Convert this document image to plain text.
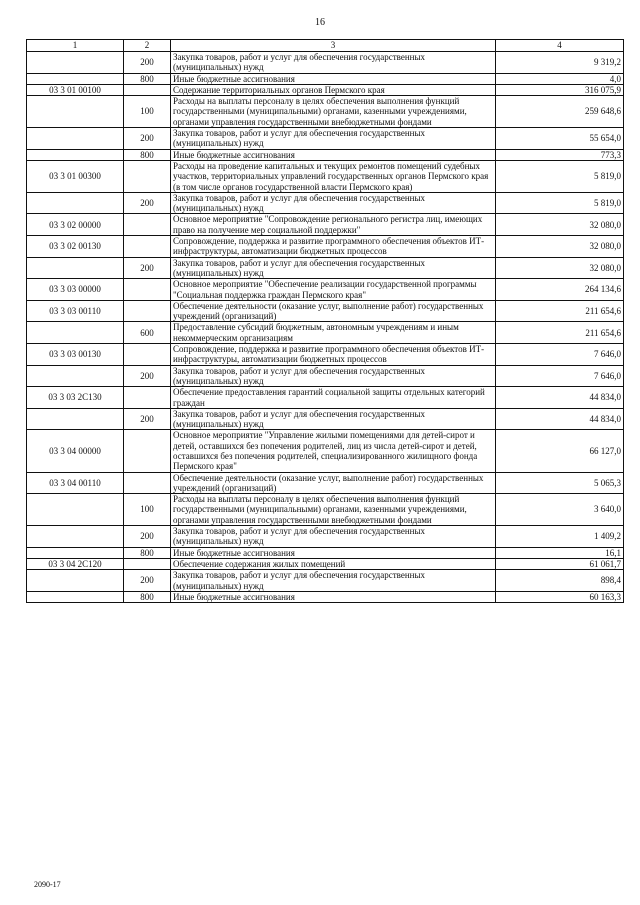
16
1	2	3	4
	200	Закупка товаров, работ и услуг для обеспечения государственных (муниципальных) нужд	9 319,2
	800	Иные бюджетные ассигнования	4,0
03 3 01 00100		Содержание территориальных органов Пермского края	316 075,9
	100	Расходы на выплаты персоналу в целях обеспечения выполнения функций государственными (муниципальными) органами, казенными учреждениями, органами управления государственными внебюджетными фондами	259 648,6
	200	Закупка товаров, работ и услуг для обеспечения государственных (муниципальных) нужд	55 654,0
	800	Иные бюджетные ассигнования	773,3
03 3 01 00300		Расходы на проведение капитальных и текущих ремонтов помещений судебных участков, территориальных управлений государственных органов Пермского края (в том числе органов государственной власти Пермского края)	5 819,0
	200	Закупка товаров, работ и услуг для обеспечения государственных (муниципальных) нужд	5 819,0
03 3 02 00000		Основное мероприятие "Сопровождение регионального регистра лиц, имеющих право на получение мер социальной поддержки"	32 080,0
03 3 02 00130		Сопровождение, поддержка и развитие программного обеспечения объектов ИТ-инфраструктуры, автоматизации бюджетных процессов	32 080,0
	200	Закупка товаров, работ и услуг для обеспечения государственных (муниципальных) нужд	32 080,0
03 3 03 00000		Основное мероприятие "Обеспечение реализации государственной программы "Социальная поддержка граждан Пермского края"	264 134,6
03 3 03 00110		Обеспечение деятельности (оказание услуг, выполнение работ) государственных учреждений (организаций)	211 654,6
	600	Предоставление субсидий бюджетным, автономным учреждениям и иным некоммерческим организациям	211 654,6
03 3 03 00130		Сопровождение, поддержка и развитие программного обеспечения объектов ИТ-инфраструктуры, автоматизации бюджетных процессов	7 646,0
	200	Закупка товаров, работ и услуг для обеспечения государственных (муниципальных) нужд	7 646,0
03 3 03 2С130		Обеспечение предоставления гарантий социальной защиты отдельных категорий граждан	44 834,0
	200	Закупка товаров, работ и услуг для обеспечения государственных (муниципальных) нужд	44 834,0
03 3 04 00000		Основное мероприятие "Управление жилыми помещениями для детей-сирот и детей, оставшихся без попечения родителей, лиц из числа детей-сирот и детей, оставшихся без попечения родителей, специализированного жилищного фонда Пермского края"	66 127,0
03 3 04 00110		Обеспечение деятельности (оказание услуг, выполнение работ) государственных учреждений (организаций)	5 065,3
	100	Расходы на выплаты персоналу в целях обеспечения выполнения функций государственными (муниципальными) органами, казенными учреждениями, органами управления государственными внебюджетными фондами	3 640,0
	200	Закупка товаров, работ и услуг для обеспечения государственных (муниципальных) нужд	1 409,2
	800	Иные бюджетные ассигнования	16,1
03 3 04 2С120		Обеспечение содержания жилых помещений	61 061,7
	200	Закупка товаров, работ и услуг для обеспечения государственных (муниципальных) нужд	898,4
	800	Иные бюджетные ассигнования	60 163,3
2090-17
